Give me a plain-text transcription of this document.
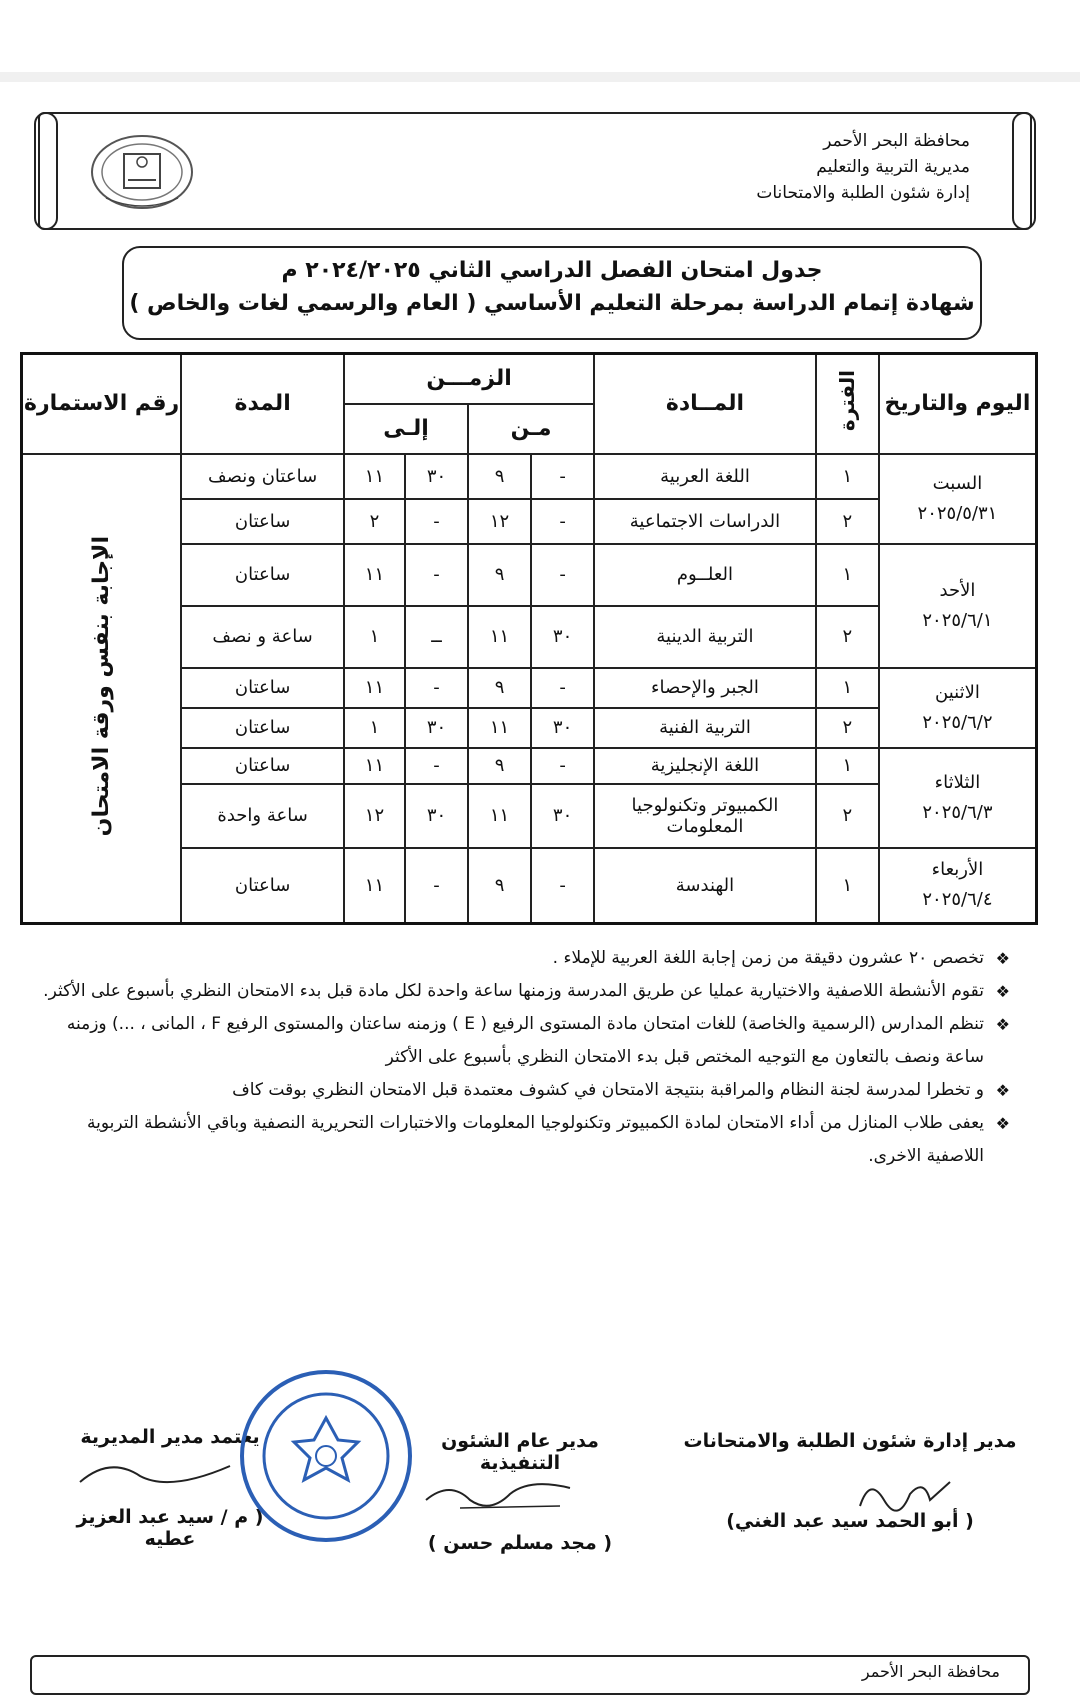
محافظة البحر الأحمر
مديرية التربية والتعليم
إدارة شئون الطلبة والامتحانات
جدول امتحان الفصل الدراسي الثاني ٢٠٢٤/٢٠٢٥ م
شهادة إتمام الدراسة بمرحلة التعليم الأساسي ( العام والرسمي لغات والخاص )
اليوم والتاريخ	الفترة	المــادة	الزمـــن				المدة	رقم الاستمارة
			مـن		إلـى			

السبت
٢٠٢٥/٥/٣١	١	اللغة العربية	-	٩	٣٠	١١	ساعتان ونصف	الإجابة بنفس ورقة الامتحان
	٢	الدراسات الاجتماعية	-	١٢	-	٢	ساعتان	

الأحد
٢٠٢٥/٦/١	١	العلــوم	-	٩	-	١١	ساعتان	
	٢	التربية الدينية	٣٠	١١	ــ	١	ساعة و نصف	

الاثنين
٢٠٢٥/٦/٢	١	الجبر والإحصاء	-	٩	-	١١	ساعتان	
	٢	التربية الفنية	٣٠	١١	٣٠	١	ساعتان	

الثلاثاء
٢٠٢٥/٦/٣	١	اللغة الإنجليزية	-	٩	-	١١	ساعتان	
	٢	الكمبيوتر وتكنولوجيا المعلومات	٣٠	١١	٣٠	١٢	ساعة واحدة	

الأربعاء
٢٠٢٥/٦/٤	١	الهندسة	-	٩	-	١١	ساعتان	
❖
تخصص ٢٠ عشرون دقيقة من زمن إجابة اللغة العربية للإملاء .
❖
تقوم الأنشطة اللاصفية والاختيارية عمليا عن طريق المدرسة وزمنها ساعة واحدة لكل مادة قبل بدء الامتحان النظري بأسبوع على الأكثر.
❖
تنظم المدارس (الرسمية والخاصة) للغات امتحان مادة المستوى الرفيع ( E ) وزمنه ساعتان والمستوى الرفيع F ، المانى ، ...) وزمنه ساعة ونصف بالتعاون مع التوجيه المختص قبل بدء الامتحان النظري بأسبوع على الأكثر
❖
و تخطرا لمدرسة لجنة النظام والمراقبة بنتيجة الامتحان في كشوف معتمدة قبل الامتحان النظري بوقت كاف
❖
يعفى طلاب المنازل من أداء الامتحان لمادة الكمبيوتر وتكنولوجيا المعلومات والاختبارات التحريرية النصفية وباقي الأنشطة التربوية اللاصفية الاخرى.
مدير إدارة شئون الطلبة والامتحانات
( أبو الحمد سيد عبد الغني)
مدير عام الشئون التنفيذية
( مجد مسلم حسن )
يعتمد مدير المديرية
( م / سيد عبد العزيز عطيه
محافظة البحر الأحمر
